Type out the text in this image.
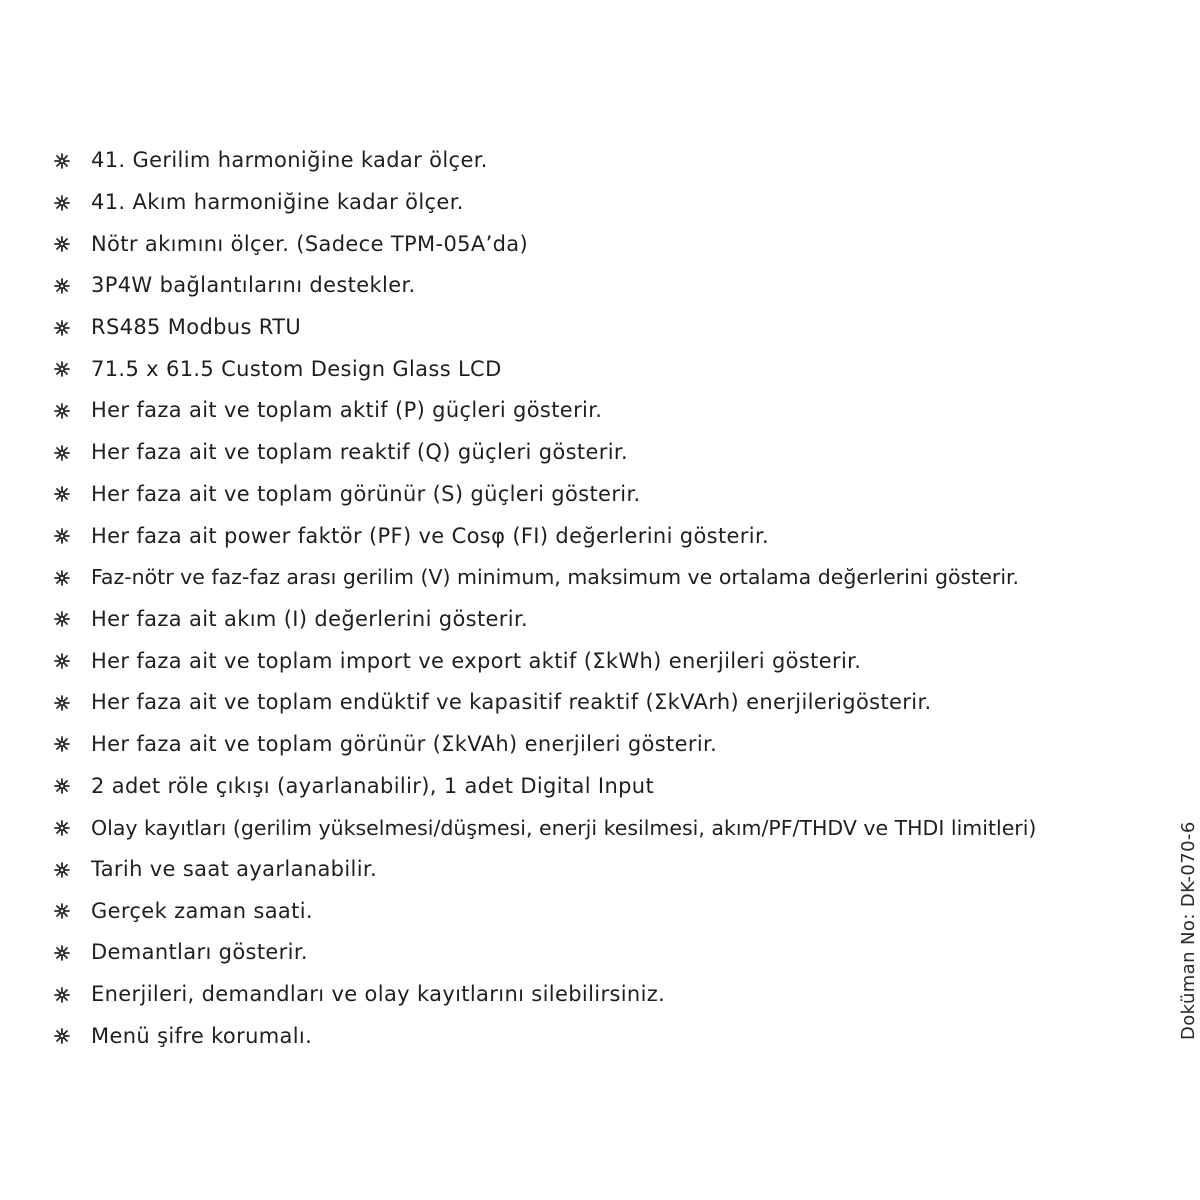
41. Gerilim harmoniğine kadar ölçer.
41. Akım harmoniğine kadar ölçer.
Nötr akımını ölçer. (Sadece TPM-05A’da)
3P4W bağlantılarını destekler.
RS485 Modbus RTU
71.5 x 61.5 Custom Design Glass LCD
Her faza ait ve toplam aktif (P) güçleri gösterir.
Her faza ait ve toplam reaktif (Q) güçleri gösterir.
Her faza ait ve toplam görünür (S) güçleri gösterir.
Her faza ait power faktör (PF) ve Cosφ (FI) değerlerini gösterir.
Faz-nötr ve faz-faz arası gerilim (V) minimum, maksimum ve ortalama değerlerini gösterir.
Her faza ait akım (I) değerlerini gösterir.
Her faza ait ve toplam import ve export aktif (ΣkWh) enerjileri gösterir.
Her faza ait ve toplam endüktif ve kapasitif reaktif (ΣkVArh) enerjilerigösterir.
Her faza ait ve toplam görünür (ΣkVAh) enerjileri gösterir.
2 adet röle çıkışı (ayarlanabilir), 1 adet Digital Input
Olay kayıtları (gerilim yükselmesi/düşmesi, enerji kesilmesi, akım/PF/THDV ve THDI limitleri)
Tarih ve saat ayarlanabilir.
Gerçek zaman saati.
Demantları gösterir.
Enerjileri, demandları ve olay kayıtlarını silebilirsiniz.
Menü şifre korumalı.	Doküman No: DK-070-6
